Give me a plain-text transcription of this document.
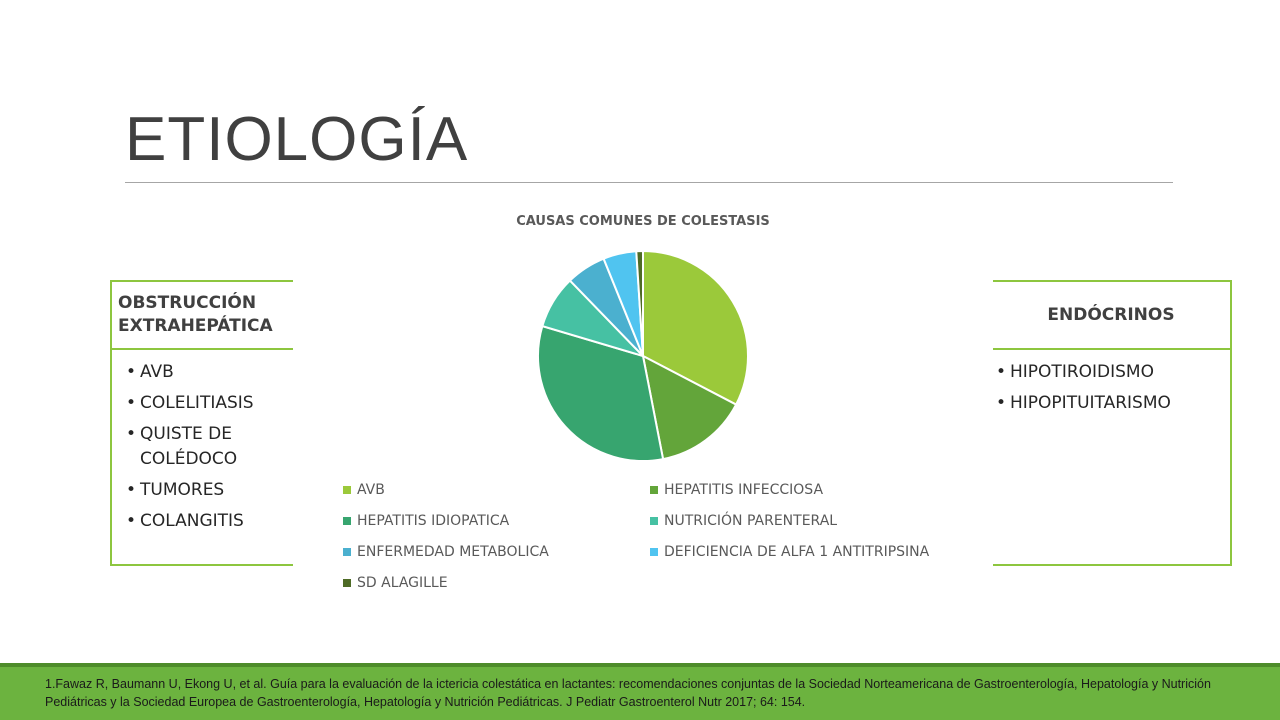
ETIOLOGÍA
OBSTRUCCIÓN EXTRAHEPÁTICA
• AVB
• COLELITIASIS
• QUISTE DE COLÉDOCO
• TUMORES
• COLANGITIS
ENDÓCRINOS
• HIPOTIROIDISMO
• HIPOPITUITARISMO
CAUSAS COMUNES DE COLESTASIS
AVB	HEPATITIS INFECCIOSA
HEPATITIS IDIOPATICA	NUTRICIÓN PARENTERAL
ENFERMEDAD METABOLICA	DEFICIENCIA DE ALFA 1 ANTITRIPSINA
SD ALAGILLE
1.Fawaz R, Baumann U, Ekong U, et al. Guía para la evaluación de la ictericia colestática en lactantes: recomendaciones conjuntas de la Sociedad Norteamericana de Gastroenterología, Hepatología y Nutrición Pediátricas y la Sociedad Europea de Gastroenterología, Hepatología y Nutrición Pediátricas. J Pediatr Gastroenterol Nutr 2017; 64: 154.
